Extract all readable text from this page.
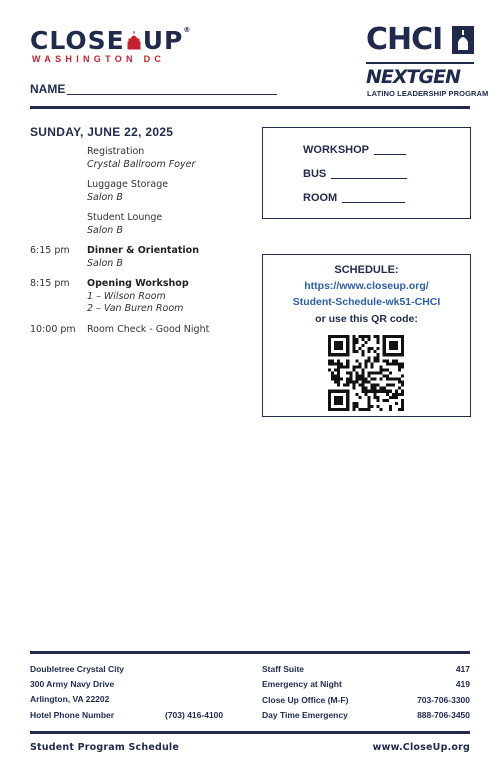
CLOSE UP®
WASHINGTON DC
CHCI
NEXTGEN
LATINO LEADERSHIP PROGRAM
NAME
SUNDAY, JUNE 22, 2025
Registration
Crystal Ballroom Foyer
Luggage Storage
Salon B
Student Lounge
Salon B
6:15 pm	Dinner & Orientation
Salon B
8:15 pm	Opening Workshop
1 – Wilson Room
2 – Van Buren Room
10:00 pm	Room Check - Good Night
WORKSHOP
BUS
ROOM
SCHEDULE:
https://www.closeup.org/
Student-Schedule-wk51-CHCI
or use this QR code:
Doubletree Crystal City
300 Army Navy Drive
Arlington, VA 22202
Hotel Phone Number	(703) 416-4100
Staff Suite	417
Emergency at Night	419
Close Up Office (M-F)	703-706-3300
Day Time Emergency	888-706-3450
Student Program Schedule	www.CloseUp.org
